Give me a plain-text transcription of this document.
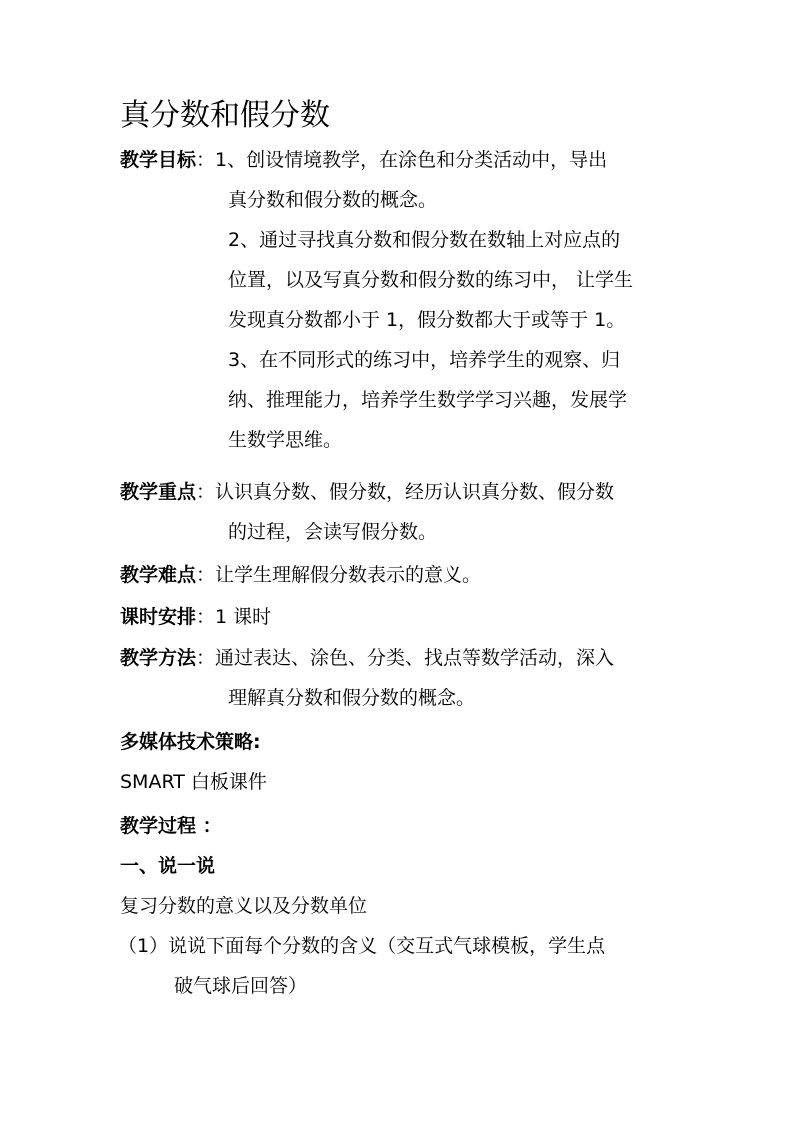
真分数和假分数
教学目标 ： 1、创设情境教学，在涂色和分类活动中，导出
真分数和假分数的概念。
2、通过寻找真分数和假分数在数轴上对应点的
位置，以及写真分数和假分数的练习中， 让学生
发现真分数都小于 1，假分数都大于或等于 1。
3、在不同形式的练习中，培养学生的观察、归
纳、推理能力，培养学生数学学习兴趣，发展学
生数学思维。
教学重点 ： 认识真分数、假分数，经历认识真分数、假分数
的过程，会读写假分数。
教学难点 ： 让学生理解假分数表示的意义。
课时安排 ： 1 课时
教学方法 ： 通过表达、涂色、分类、找点等数学活动，深入
理解真分数和假分数的概念。
多媒体技术策略:
SMART 白板课件
教学过程 ：
一、说一说
复习分数的意义以及分数单位
（1）说说下面每个分数的含义（交互式气球模板，学生点
破气球后回答）
